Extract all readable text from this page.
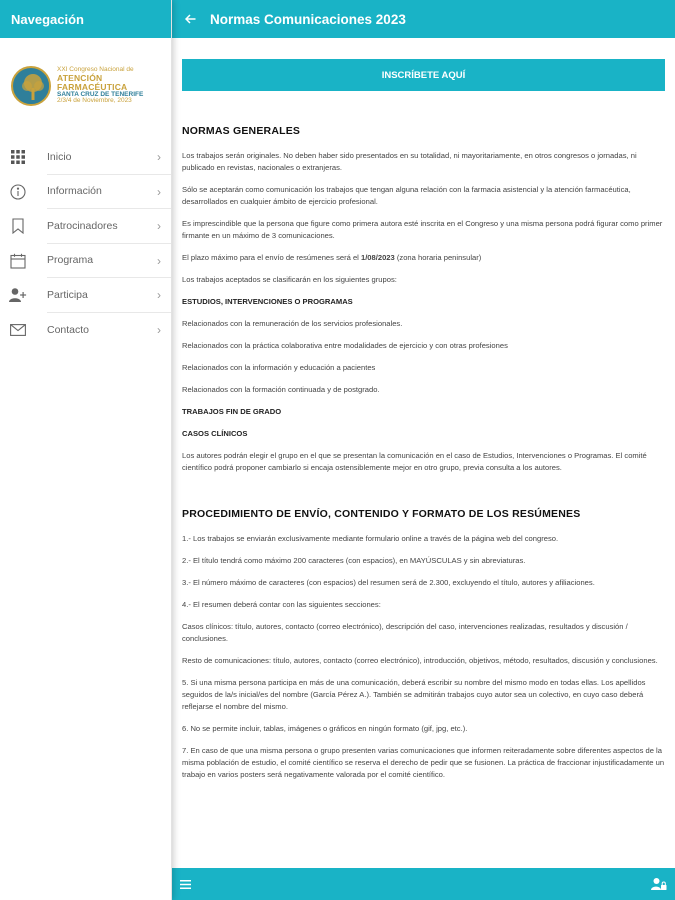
Navegación
XXI Congreso Nacional de
ATENCIÓN
FARMACÉUTICA
SANTA CRUZ DE TENERIFE
2/3/4 de Noviembre, 2023
Inicio	›
Información	›
Patrocinadores	›
Programa	›
Participa	›
Contacto	›
Normas Comunicaciones 2023
INSCRÍBETE AQUÍ
NORMAS GENERALES

Los trabajos serán originales. No deben haber sido presentados en su totalidad, ni mayoritariamente, en otros congresos o jornadas, ni publicado en revistas, nacionales o extranjeras.

Sólo se aceptarán como comunicación los trabajos que tengan alguna relación con la farmacia asistencial y la atención farmacéutica, desarrollados en cualquier ámbito de ejercicio profesional.

Es imprescindible que la persona que figure como primera autora esté inscrita en el Congreso y una misma persona podrá figurar como primer firmante en un máximo de 3 comunicaciones.

El plazo máximo para el envío de resúmenes será el 1/08/2023 (zona horaria peninsular)

Los trabajos aceptados se clasificarán en los siguientes grupos:

ESTUDIOS, INTERVENCIONES O PROGRAMAS

Relacionados con la remuneración de los servicios profesionales.

Relacionados con la práctica colaborativa entre modalidades de ejercicio y con otras profesiones

Relacionados con la información y educación a pacientes

Relacionados con la formación continuada y de postgrado.

TRABAJOS FIN DE GRADO
CASOS CLÍNICOS

Los autores podrán elegir el grupo en el que se presentan la comunicación en el caso de Estudios, Intervenciones o Programas. El comité científico podrá proponer cambiarlo si encaja ostensiblemente mejor en otro grupo, previa consulta a los autores.

PROCEDIMIENTO DE ENVÍO, CONTENIDO Y FORMATO DE LOS RESÚMENES

1.- Los trabajos se enviarán exclusivamente mediante formulario online a través de la página web del congreso.

2.- El título tendrá como máximo 200 caracteres (con espacios), en MAYÚSCULAS y sin abreviaturas.

3.- El número máximo de caracteres (con espacios) del resumen será de 2.300, excluyendo el título, autores y afiliaciones.

4.- El resumen deberá contar con las siguientes secciones:

Casos clínicos: título, autores, contacto (correo electrónico), descripción del caso, intervenciones realizadas, resultados y discusión / conclusiones.

Resto de comunicaciones: título, autores, contacto (correo electrónico), introducción, objetivos, método, resultados, discusión y conclusiones.

5. Si una misma persona participa en más de una comunicación, deberá escribir su nombre del mismo modo en todas ellas. Los apellidos seguidos de la/s inicial/es del nombre (García Pérez A.). También se admitirán trabajos cuyo autor sea un colectivo, en cuyo caso deberá reflejarse el nombre del mismo.

6. No se permite incluir, tablas, imágenes o gráficos en ningún formato (gif, jpg, etc.).

7. En caso de que una misma persona o grupo presenten varias comunicaciones que informen reiteradamente sobre diferentes aspectos de la misma población de estudio, el comité científico se reserva el derecho de pedir que se fusionen. La práctica de fraccionar injustificadamente un trabajo en varios posters será negativamente valorada por el comité científico.
